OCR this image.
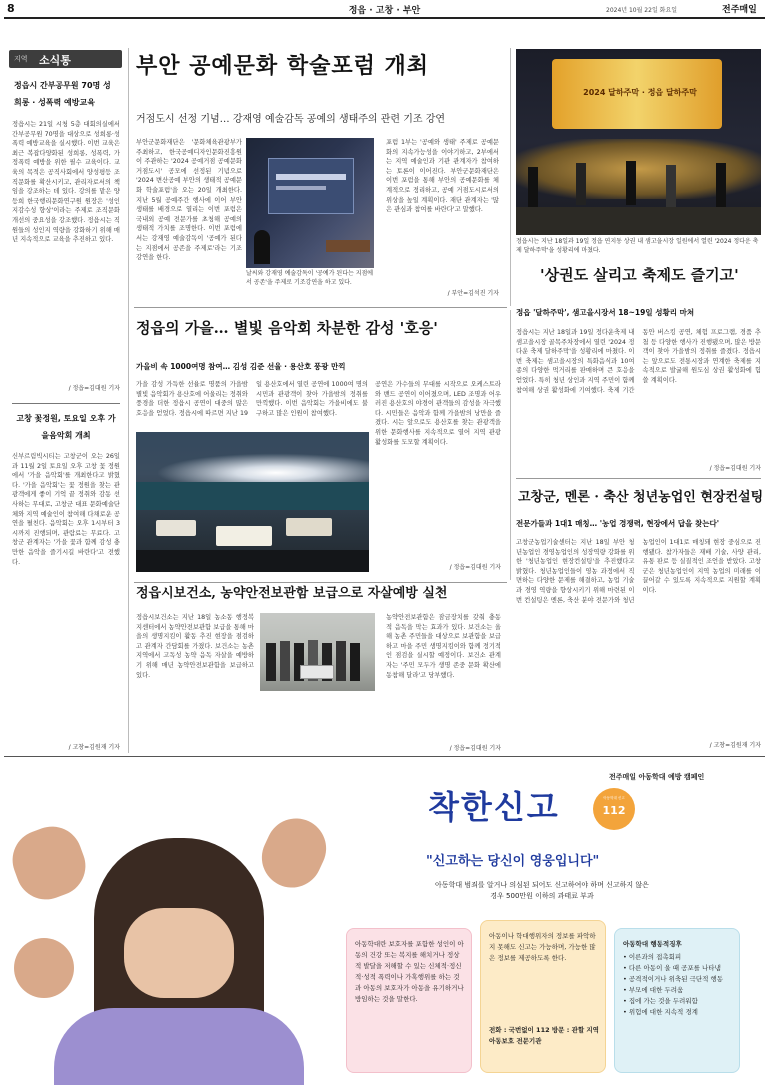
8	정읍 · 고창 · 부안	2024년 10월 22일 화요일	전주매일
지역 소식통
정읍시 간부공무원 70명 성희롱 · 성폭력 예방교육
정읍시는 21일 시청 5층 대회의실에서 간부공무원 70명을 대상으로 성희롱·성폭력 예방교육을 실시했다. 이번 교육은 최근 복잡다양화된 성희롱, 성폭력, 가정폭력 예방을 위한 필수 교육이다. 교육의 목적은 공직사회에서 양성평등 조직문화를 확산시키고, 관리자로서의 책임을 강조하는 데 있다. 강의를 맡은 양등희 한국행리문화연구원 원장은 '성인지감수성 향상'이라는 주제로 조직문화 개선의 중요성을 강조했다. 정읍시는 직원들의 성인지 역량을 강화하기 위해 매년 지속적으로 교육을 추진하고 있다.
/ 정읍=김대원 기자
고창 꽃정원, 토요일 오후 가을음악회 개최
신부르림빅시티는 고창군이 오는 26일과 11월 2일 토요일 오후 고창 꽃 정원에서 '가을 음악회'를 개최한다고 밝혔다. '가을 음악회'는 꽃 정원을 찾는 관광객에게 좋이 기억 끝 정취와 감동 선사하는 무대로, 고창군 대표 문화예술단체와 지역 예술인이 참여해 다채로운 공연을 펼친다. 음악회는 오후 1시부터 3시까지 진행되며, 관람료는 무료다. 고창군 관계자는 '가을 꽃과 함께 감성 충만한 음악을 즐기시길 바란다'고 전했다.
/ 고창=김원재 기자
부안 공예문화 학술포럼 개최
거점도시 선정 기념… 강재영 예술감독 공예의 생태주의 관련 기조 강연
부안군문화재단은 '문화체육관광부가 주최하고, 한국공예디자인문화진흥원이 주관하는 '2024 공예거점 공예문화 거점도시' 공모에 선정된 기념으로 '2024 변산공예 부안의 생태적 공예문화 학술포럼'을 오는 20일 개최한다. 지난 5월 공예주간 행사에 이어 부안 생태를 배경으로 열리는 이번 포럼은 국내외 공예 전문가를 초청해 공예의 생태적 가치를 조명한다. 이번 포럼에서는 강재영 예술감독이 '공예가 된다는 지점에서 공존을 주제로'라는 기조 강연을 한다.
날씨와 강재영 예술감독이 '공예가 된다는 지점에서 공존'을 주제로 기조강연을 하고 있다.
포럼 1부는 '공예와 생태' 주제로 공예문화의 지속가능성을 이야기하고, 2부에서는 지역 예술인과 기관 관계자가 참여하는 토론이 이어진다. 부안군문화재단은 이번 포럼을 통해 부안의 공예문화를 체계적으로 정리하고, 공예 거점도시로서의 위상을 높일 계획이다. 재단 관계자는 '많은 관심과 참여를 바란다'고 말했다.
/ 부안=김석진 기자
2024 달하주막 · 정읍 달하주막
정읍시는 지난 18일과 19일 정읍 연지동 상권 내 샘고을시장 일원에서 열린 '2024 정다운 축제 달하주막'을 성황리에 마쳤다.
'상권도 살리고 축제도 즐기고'
정읍 '달하주막', 샘고을시장서 18~19일 성황리 마쳐
정읍시는 지난 18일과 19일 정다운축제 내 샘고을시장 골목주차장에서 열린 '2024 정다운 축제 달하주막'을 성황리에 마쳤다. 이번 축제는 샘고을시장의 특화음식과 10여 종의 다양한 먹거리를 판매하며 큰 호응을 얻었다. 특히 청년 상인과 지역 주민이 함께 참여해 상권 활성화에 기여했다. 축제 기간 동안 버스킹 공연, 체험 프로그램, 경품 추첨 등 다양한 행사가 진행됐으며, 많은 방문객이 찾아 가을밤의 정취를 즐겼다. 정읍시는 앞으로도 전통시장과 연계한 축제를 지속적으로 발굴해 원도심 상권 활성화에 힘쓸 계획이다.
/ 정읍=김대원 기자
정읍의 가을… 별빛 음악회 차분한 감성 '호응'
가을비 속 1000여명 참여… 김성 김준 선율 · 용산호 풍광 만끽
가을 감성 가득한 선율로 명품의 가을밤 별빛 음악회가 용산호에 어울리는 정취와 풍경을 더한 정읍시 공연이 대중의 많은 호응을 얻었다. 정읍시에 따르면 지난 19일 용산호에서 열린 공연에 1000여 명의 시민과 관광객이 찾아 가을밤의 정취를 만끽했다. 이번 음악회는 가을비에도 불구하고 많은 인원이 참여했다.
공연은 가수들의 무대를 시작으로 오케스트라와 밴드 공연이 이어졌으며, LED 조명과 어우러진 용산호의 야경이 관객들의 감성을 자극했다. 시민들은 음악과 함께 가을밤의 낭만을 즐겼다. 시는 앞으로도 용산호를 찾는 관광객을 위한 문화행사를 지속적으로 열어 지역 관광 활성화를 도모할 계획이다.
/ 정읍=김대원 기자
고창군, 멘론 · 축산 청년농업인 현장컨설팅
전문가들과 1대1 매칭… '농업 경쟁력, 현장에서 답을 찾는다'
고창군농업기술센터는 지난 18일 부안 청년농업인 경영농업인의 성장역량 강화를 위한 '청년농업인 현장컨설팅'을 추진했다고 밝혔다. 청년농업인들이 영농 과정에서 직면하는 다양한 문제를 해결하고, 농업 기술과 경영 역량을 향상시키기 위해 마련된 이번 컨설팅은 멘론, 축산 분야 전문가와 청년농업인이 1대1로 매칭돼 현장 중심으로 진행됐다. 참가자들은 재배 기술, 사양 관리, 유통 판로 등 실질적인 조언을 받았다. 고창군은 청년농업인이 지역 농업의 미래를 이끌어갈 수 있도록 지속적으로 지원할 계획이다.
/ 고창=김원재 기자
정읍시보건소, 농약안전보관함 보급으로 자살예방 실천
정읍시보건소는 지난 18일 농소동 행정복지센터에서 농약안전보관함 보급을 통해 마을의 생명지킴이 활동 추진 현장을 점검하고 관계자 간담회를 가졌다. 보건소는 농촌 지역에서 고독성 농약 음독 자살을 예방하기 위해 매년 농약안전보관함을 보급하고 있다.
농약안전보관함은 잠금장치를 갖춰 충동적 음독을 막는 효과가 있다. 보건소는 올해 농촌 주민들을 대상으로 보관함을 보급하고 마을 주민 생명지킴이와 함께 정기적인 점검을 실시할 예정이다. 보건소 관계자는 '주민 모두가 생명 존중 문화 확산에 동참해 달라'고 당부했다.
/ 정읍=김대원 기자
전주매일 아동학대 예방 캠페인
착한신고	아동학대 신고
112
"신고하는 당신이 영웅입니다"
아동학대 범죄를 알거나 의심된 되어도 신고하여야 하며 신고하지 않은 경우 500만원 이하의 과태료 부과
아동학대란 보호자를 포함한 성인이 아동의 건강 또는 복지를 해치거나 정상적 발달을 저해할 수 있는 신체적·정신적·성적 폭력이나 가혹행위를 하는 것과 아동의 보호자가 아동을 유기하거나 방임하는 것을 말한다.
아동이나 학대행위자의 정보를 파악하지 못해도 신고는 가능하며, 가능한 많은 정보를 제공하도록 한다.
전화 : 국번없이 112 방문 : 관할 지역아동보호 전문기관
아동학대 행동적징후
• 이른과의 접촉회피
• 다른 아동이 울 때 공포를 나타냄
• 공격적이거나 위축된 극단적 행동
• 부모에 대한 두려움
• 집에 가는 것을 두려워함
• 위험에 대한 지속적 경계
